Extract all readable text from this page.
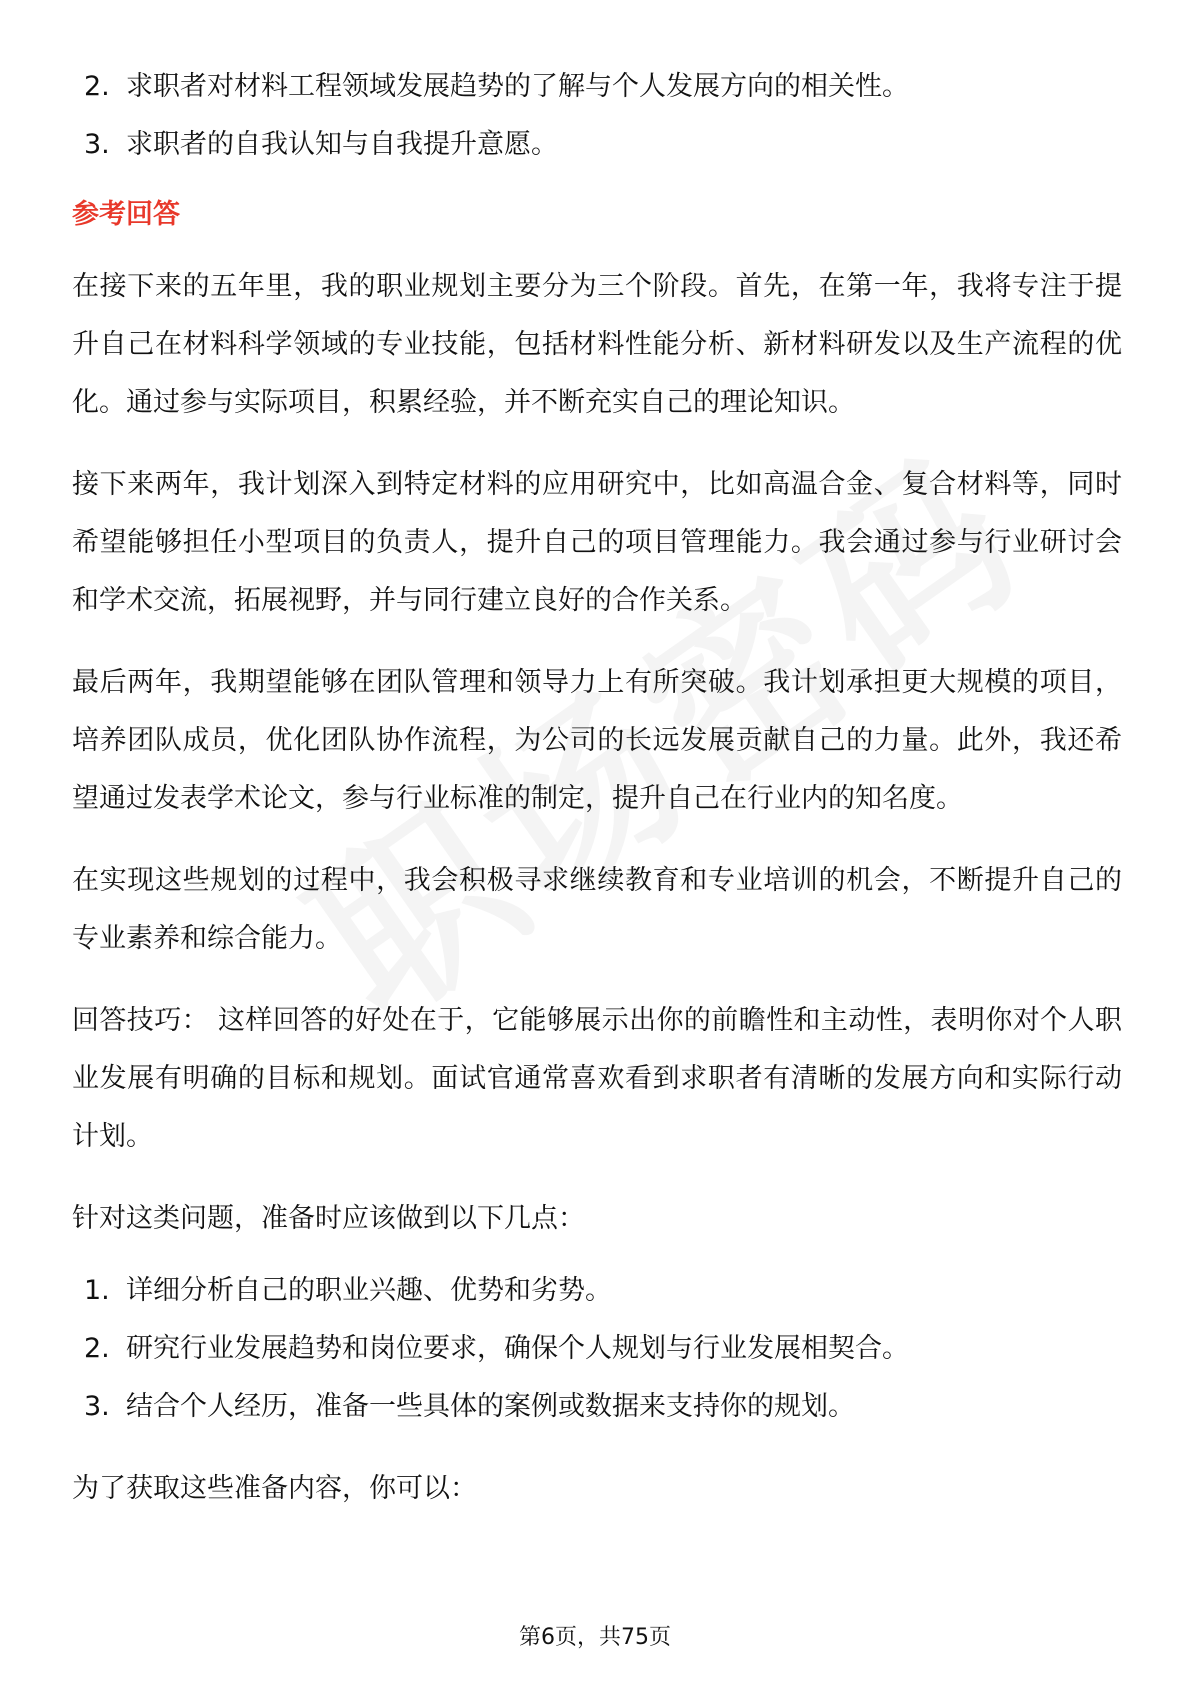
2. 求职者对材料工程领域发展趋势的了解与个人发展方向的相关性。
3. 求职者的自我认知与自我提升意愿。
参考回答

在接下来的五年里，我的职业规划主要分为三个阶段。首先，在第一年，我将专注于提升自己在材料科学领域的专业技能，包括材料性能分析、新材料研发以及生产流程的优化。通过参与实际项目，积累经验，并不断充实自己的理论知识。

接下来两年，我计划深入到特定材料的应用研究中，比如高温合金、复合材料等，同时希望能够担任小型项目的负责人，提升自己的项目管理能力。我会通过参与行业研讨会和学术交流，拓展视野，并与同行建立良好的合作关系。

最后两年，我期望能够在团队管理和领导力上有所突破。我计划承担更大规模的项目，培养团队成员，优化团队协作流程，为公司的长远发展贡献自己的力量。此外，我还希望通过发表学术论文，参与行业标准的制定，提升自己在行业内的知名度。

在实现这些规划的过程中，我会积极寻求继续教育和专业培训的机会，不断提升自己的专业素养和综合能力。

回答技巧： 这样回答的好处在于，它能够展示出你的前瞻性和主动性，表明你对个人职业发展有明确的目标和规划。面试官通常喜欢看到求职者有清晰的发展方向和实际行动计划。

针对这类问题，准备时应该做到以下几点：

1. 详细分析自己的职业兴趣、优势和劣势。
2. 研究行业发展趋势和岗位要求，确保个人规划与行业发展相契合。
3. 结合个人经历，准备一些具体的案例或数据来支持你的规划。

为了获取这些准备内容，你可以：

第6页，共75页
